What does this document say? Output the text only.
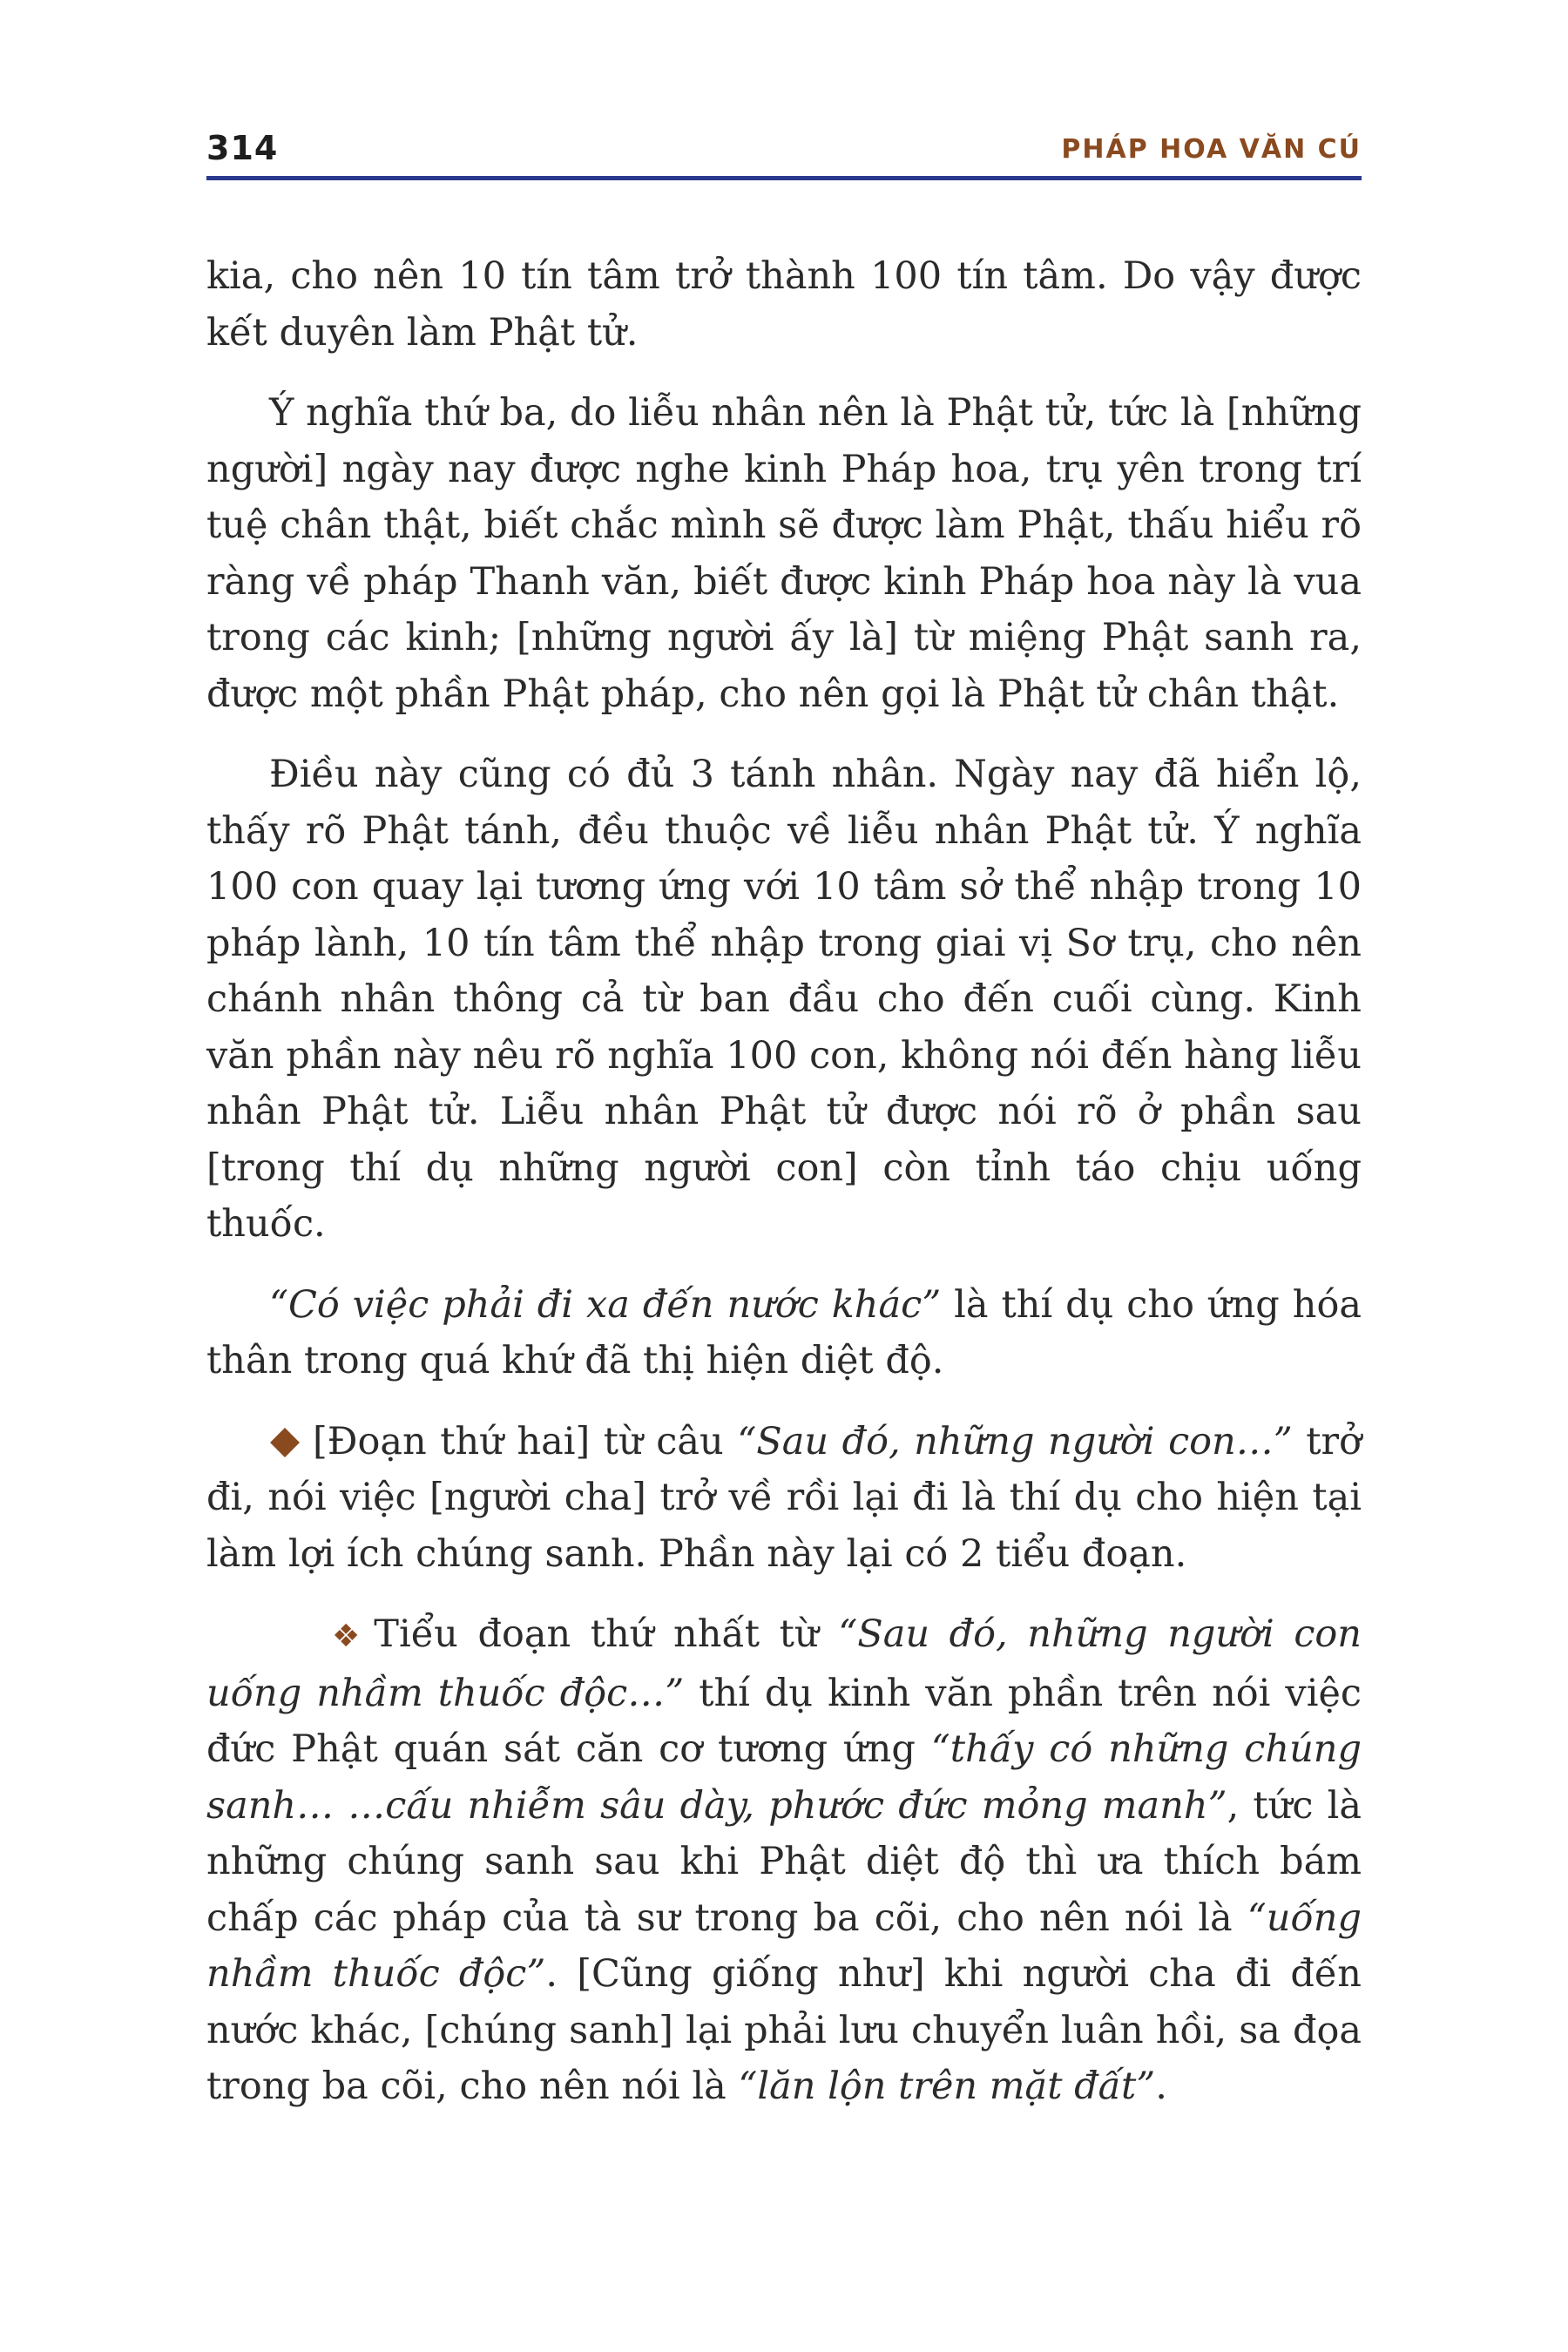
314	PHÁP HOA VĂN CÚ

kia, cho nên 10 tín tâm trở thành 100 tín tâm. Do vậy được kết duyên làm Phật tử.

Ý nghĩa thứ ba, do liễu nhân nên là Phật tử, tức là [những người] ngày nay được nghe kinh Pháp hoa, trụ yên trong trí tuệ chân thật, biết chắc mình sẽ được làm Phật, thấu hiểu rõ ràng về pháp Thanh văn, biết được kinh Pháp hoa này là vua trong các kinh; [những người ấy là] từ miệng Phật sanh ra, được một phần Phật pháp, cho nên gọi là Phật tử chân thật.

Điều này cũng có đủ 3 tánh nhân. Ngày nay đã hiển lộ, thấy rõ Phật tánh, đều thuộc về liễu nhân Phật tử. Ý nghĩa 100 con quay lại tương ứng với 10 tâm sở thể nhập trong 10 pháp lành, 10 tín tâm thể nhập trong giai vị Sơ trụ, cho nên chánh nhân thông cả từ ban đầu cho đến cuối cùng. Kinh văn phần này nêu rõ nghĩa 100 con, không nói đến hàng liễu nhân Phật tử. Liễu nhân Phật tử được nói rõ ở phần sau [trong thí dụ những người con] còn tỉnh táo chịu uống thuốc.

“Có việc phải đi xa đến nước khác” là thí dụ cho ứng hóa thân trong quá khứ đã thị hiện diệt độ.

[Đoạn thứ hai] từ câu “Sau đó, những người con…” trở đi, nói việc [người cha] trở về rồi lại đi là thí dụ cho hiện tại làm lợi ích chúng sanh. Phần này lại có 2 tiểu đoạn.

❖ Tiểu đoạn thứ nhất từ “Sau đó, những người con uống nhầm thuốc độc…” thí dụ kinh văn phần trên nói việc đức Phật quán sát căn cơ tương ứng “thấy có những chúng sanh… …cấu nhiễm sâu dày, phước đức mỏng manh”, tức là những chúng sanh sau khi Phật diệt độ thì ưa thích bám chấp các pháp của tà sư trong ba cõi, cho nên nói là “uống nhầm thuốc độc”. [Cũng giống như] khi người cha đi đến nước khác, [chúng sanh] lại phải lưu chuyển luân hồi, sa đọa trong ba cõi, cho nên nói là “lăn lộn trên mặt đất”.
